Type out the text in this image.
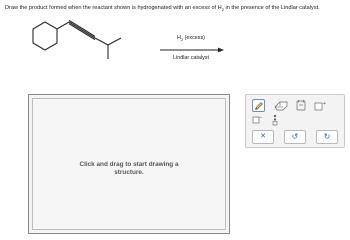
Draw the product formed when the reactant shown is hydrogenated with an excess of $H_2$ in the presence of the Lindlar catalyst.
$H_2$ (excess)
Lindlar catalyst
Click and drag to start drawing a
structure.
+
−
✕	↺	↻
